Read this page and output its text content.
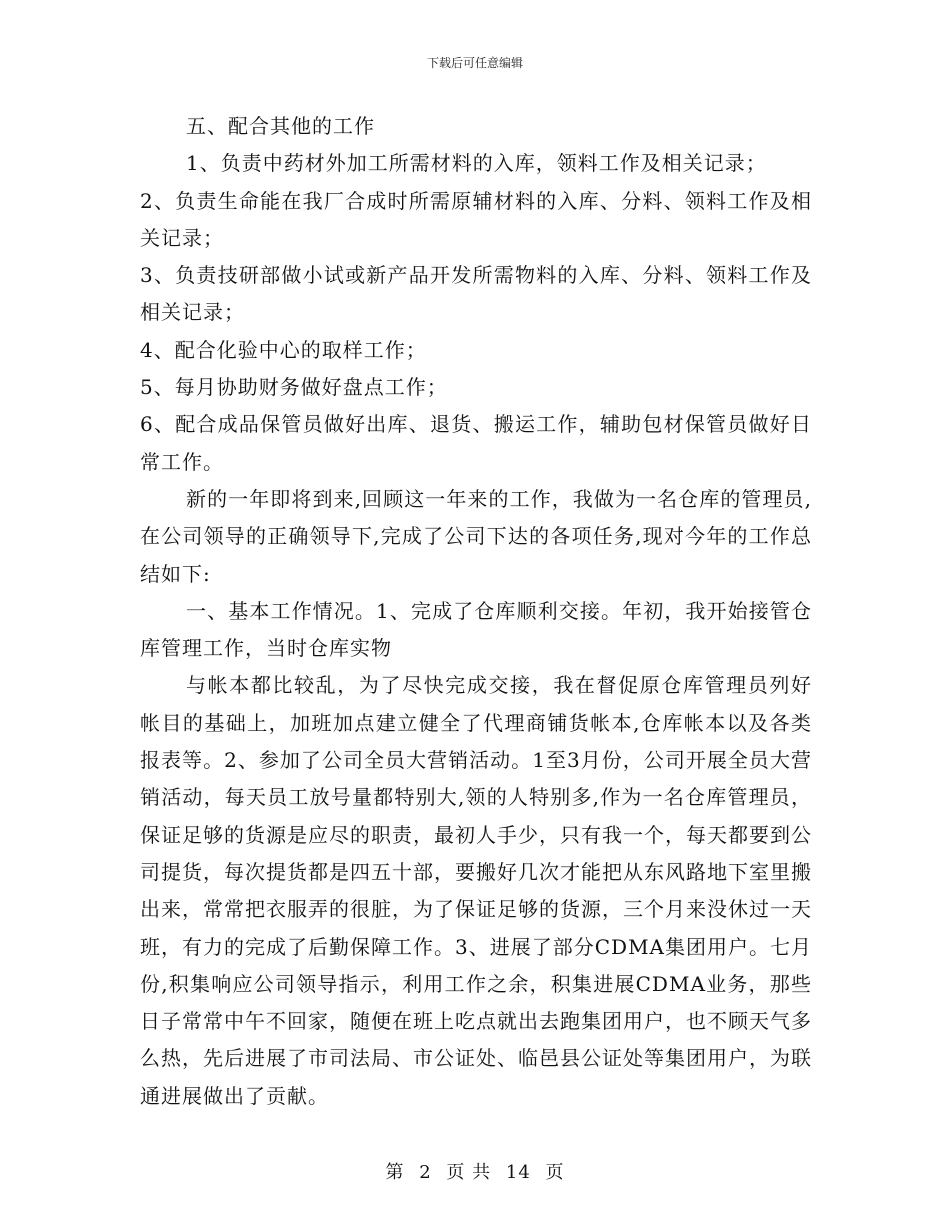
下载后可任意编辑

五、配合其他的工作

1、负责中药材外加工所需材料的入库，领料工作及相关记录；

2、负责生命能在我厂合成时所需原辅材料的入库、分料、领料工作及相关记录；

3、负责技研部做小试或新产品开发所需物料的入库、分料、领料工作及相关记录；

4、配合化验中心的取样工作；

5、每月协助财务做好盘点工作；

6、配合成品保管员做好出库、退货、搬运工作，辅助包材保管员做好日常工作。

新的一年即将到来,回顾这一年来的工作，我做为一名仓库的管理员,在公司领导的正确领导下,完成了公司下达的各项任务,现对今年的工作总结如下:

一、基本工作情况。1、完成了仓库顺利交接。年初，我开始接管仓库管理工作，当时仓库实物

与帐本都比较乱，为了尽快完成交接，我在督促原仓库管理员列好帐目的基础上，加班加点建立健全了代理商铺货帐本,仓库帐本以及各类报表等。2、参加了公司全员大营销活动。1至3月份，公司开展全员大营销活动，每天员工放号量都特别大,领的人特别多,作为一名仓库管理员，保证足够的货源是应尽的职责，最初人手少，只有我一个，每天都要到公司提货，每次提货都是四五十部，要搬好几次才能把从东风路地下室里搬出来，常常把衣服弄的很脏，为了保证足够的货源，三个月来没休过一天班，有力的完成了后勤保障工作。3、进展了部分CDMA集团用户。七月份,积集响应公司领导指示，利用工作之余，积集进展CDMA业务，那些日子常常中午不回家，随便在班上吃点就出去跑集团用户，也不顾天气多么热，先后进展了市司法局、市公证处、临邑县公证处等集团用户，为联通进展做出了贡献。

第 2 页 共 14 页
